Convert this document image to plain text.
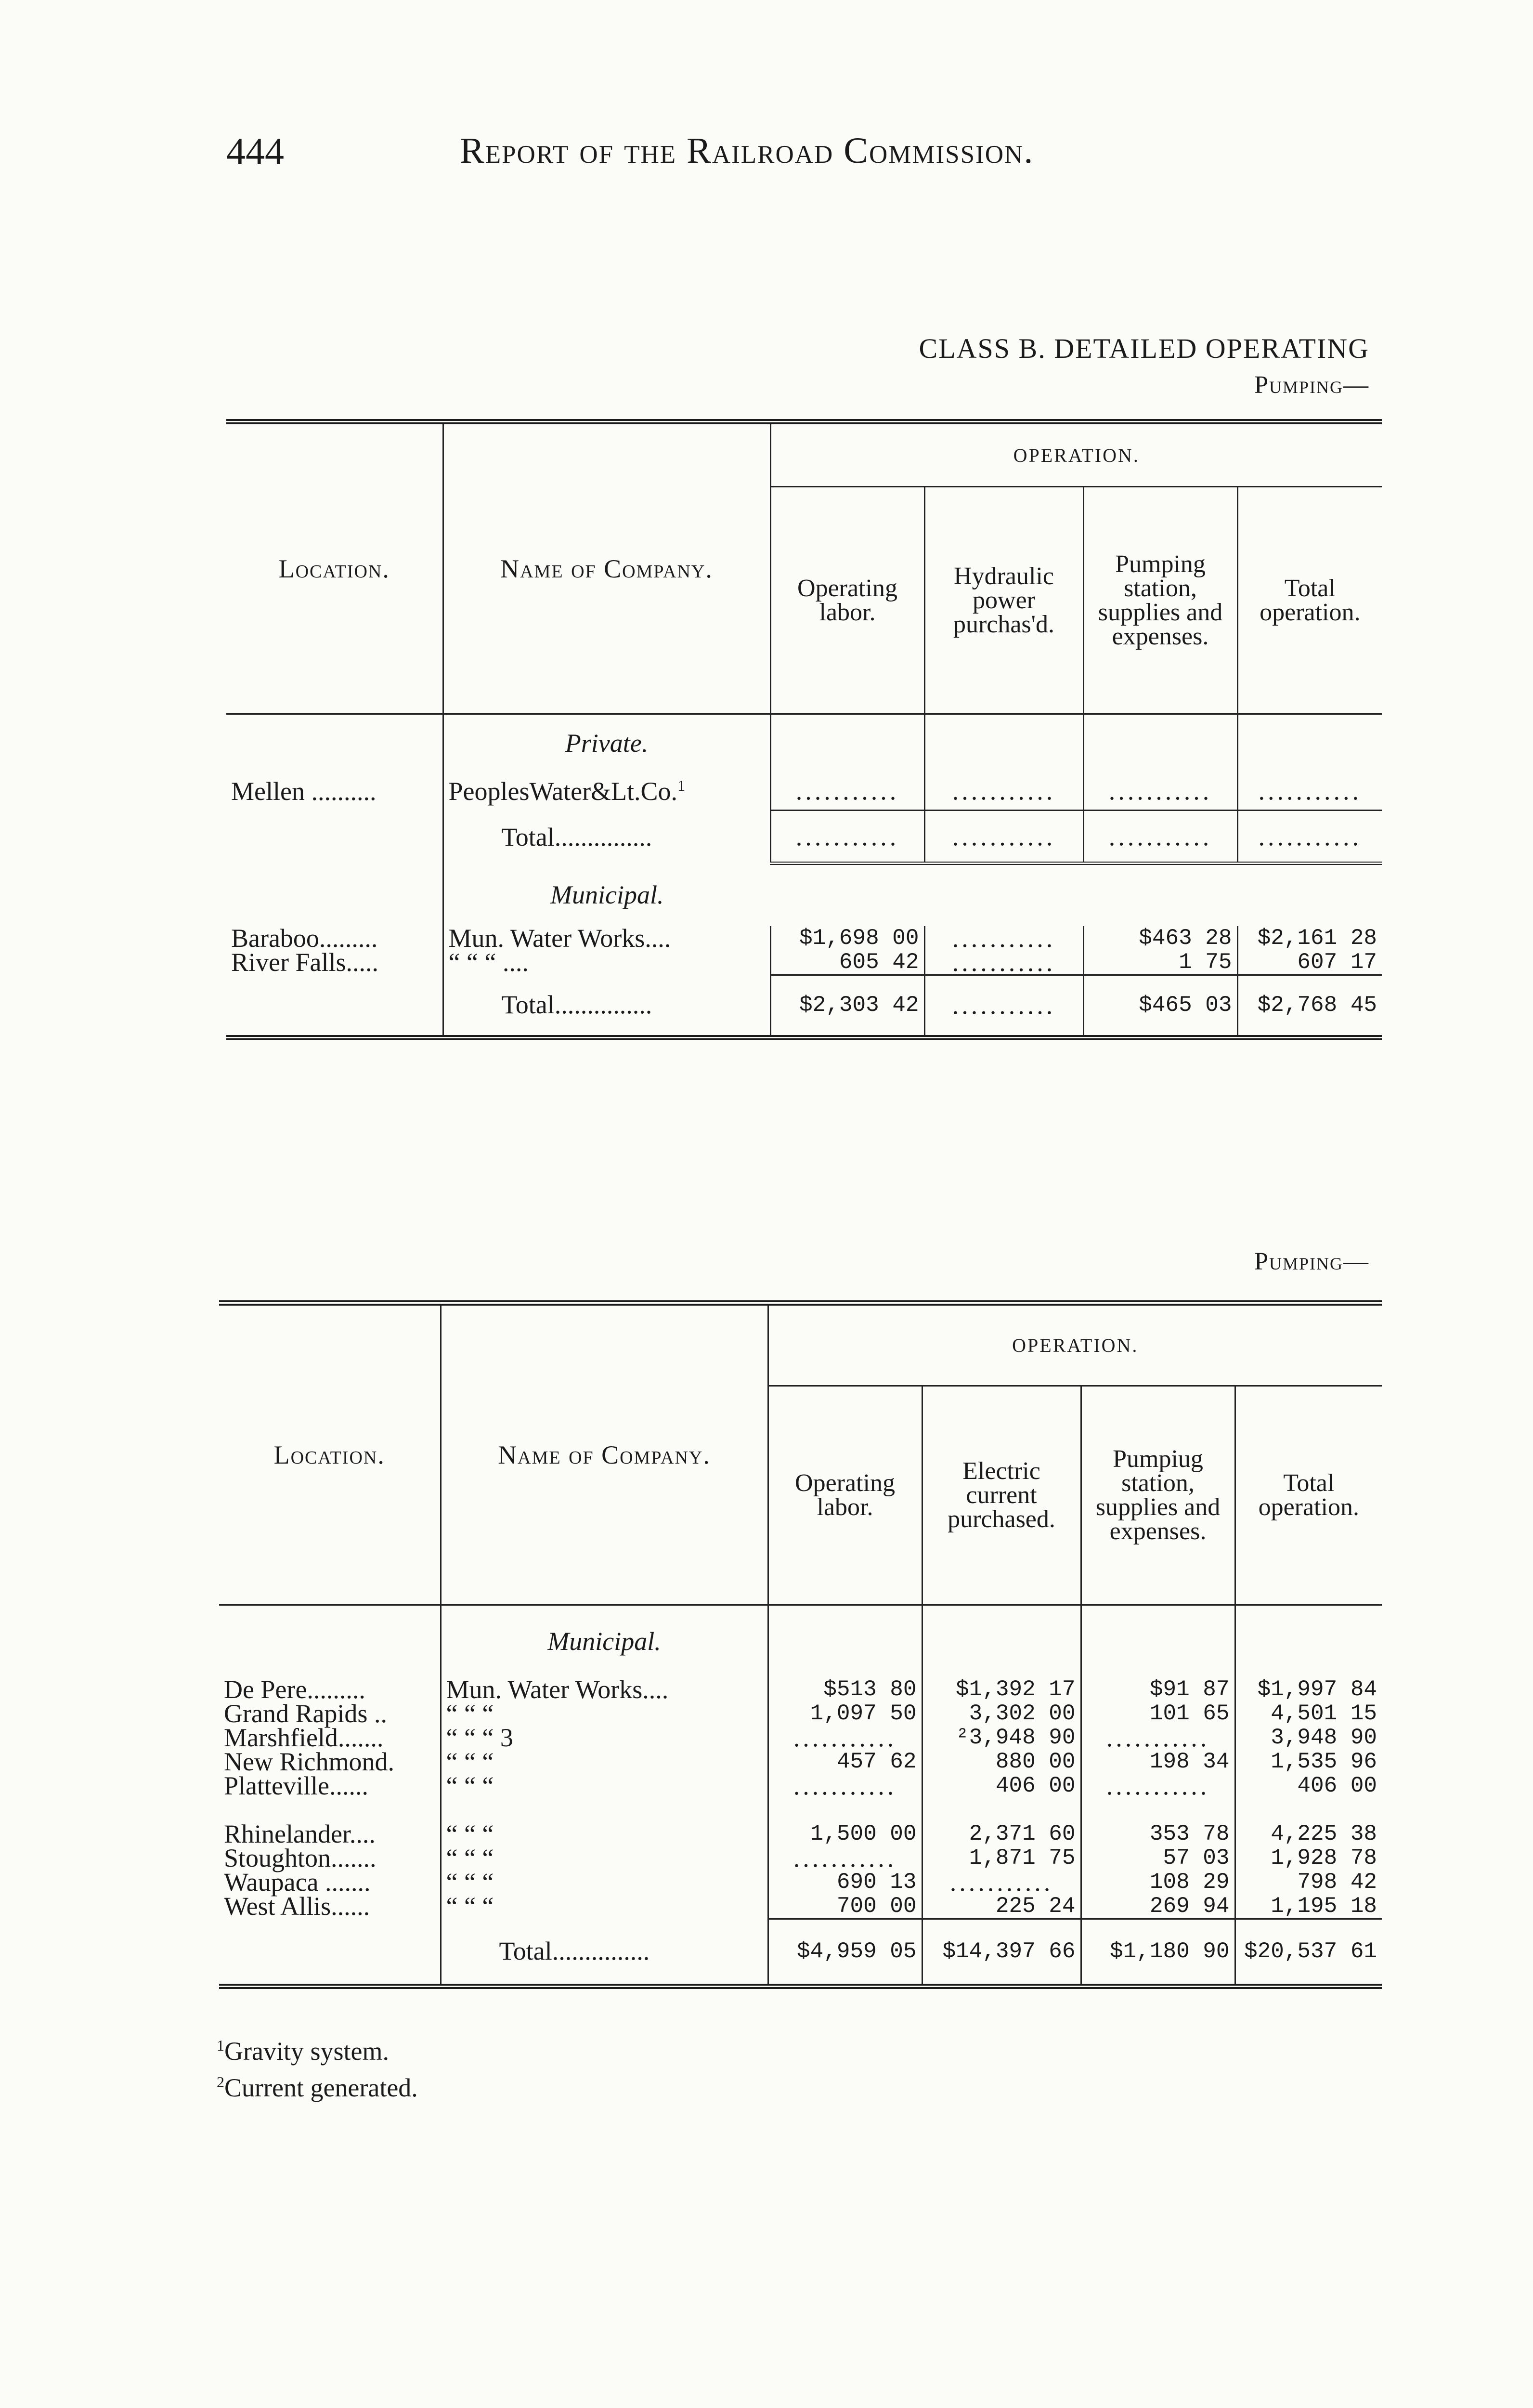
444	Report of the Railroad Commission.
CLASS B. DETAILED OPERATING
Pumping—
Location.	Name of Company.	OPERATION.			
		Operating labor.	Hydraulic power purchas'd.	Pumping station, supplies and expenses.	Total operation.
	Private.				
Mellen ..........	PeoplesWater&Lt.Co.$^1$	...........	...........	...........	...........
	Total...............	...........	...........	...........	...........
	Municipal.				
Baraboo.........	Mun. Water Works....	$1,698 00	...........	$463 28	$2,161 28
River Falls.....	“ “ “ ....	605 42	...........	1 75	607 17
	Total...............	$2,303 42	...........	$465 03	$2,768 45
Pumping—
Location.	Name of Company.	OPERATION.			
		Operating labor.	Electric current purchased.	Pumpiug station, supplies and expenses.	Total operation.
	Municipal.				
De Pere.........	Mun. Water Works....	$513 80	$1,392 17	$91 87	$1,997 84
Grand Rapids ..	“ “ “	1,097 50	3,302 00	101 65	4,501 15
Marshfield.......	“ “ “ 3	...........	²3,948 90	...........	3,948 90
New Richmond.	“ “ “	457 62	880 00	198 34	1,535 96
Platteville......	“ “ “	...........	406 00	...........	406 00

Rhinelander....	“ “ “	1,500 00	2,371 60	353 78	4,225 38
Stoughton.......	“ “ “	...........	1,871 75	57 03	1,928 78
Waupaca .......	“ “ “	690 13	...........	108 29	798 42
West Allis......	“ “ “	700 00	225 24	269 94	1,195 18
	Total...............	$4,959 05	$14,397 66	$1,180 90	$20,537 61
$^1$Gravity system.
$^2$Current generated.
